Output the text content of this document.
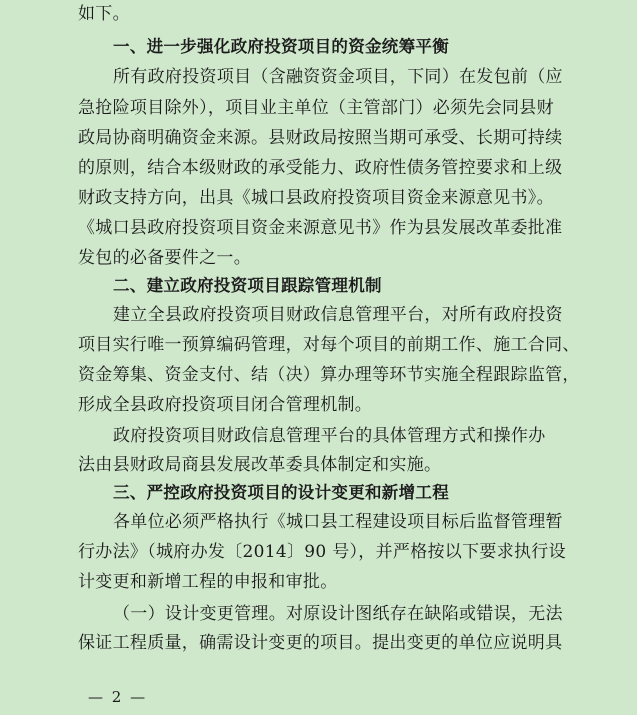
如下。
一、进一步强化政府投资项目的资金统筹平衡
所有政府投资项目（含融资资金项目，下同）在发包前（应
急抢险项目除外），项目业主单位（主管部门）必须先会同县财
政局协商明确资金来源。县财政局按照当期可承受、长期可持续
的原则，结合本级财政的承受能力、政府性债务管控要求和上级
财政支持方向，出具《城口县政府投资项目资金来源意见书》。
《城口县政府投资项目资金来源意见书》作为县发展改革委批准
发包的必备要件之一。
二、建立政府投资项目跟踪管理机制
建立全县政府投资项目财政信息管理平台，对所有政府投资
项目实行唯一预算编码管理，对每个项目的前期工作、施工合同、
资金筹集、资金支付、结（决）算办理等环节实施全程跟踪监管，
形成全县政府投资项目闭合管理机制。
政府投资项目财政信息管理平台的具体管理方式和操作办
法由县财政局商县发展改革委具体制定和实施。
三、严控政府投资项目的设计变更和新增工程
各单位必须严格执行《城口县工程建设项目标后监督管理暂
行办法》（城府办发〔2014〕90 号），并严格按以下要求执行设
计变更和新增工程的申报和审批。
（一）设计变更管理。对原设计图纸存在缺陷或错误，无法
保证工程质量，确需设计变更的项目。提出变更的单位应说明具
— 2 —
